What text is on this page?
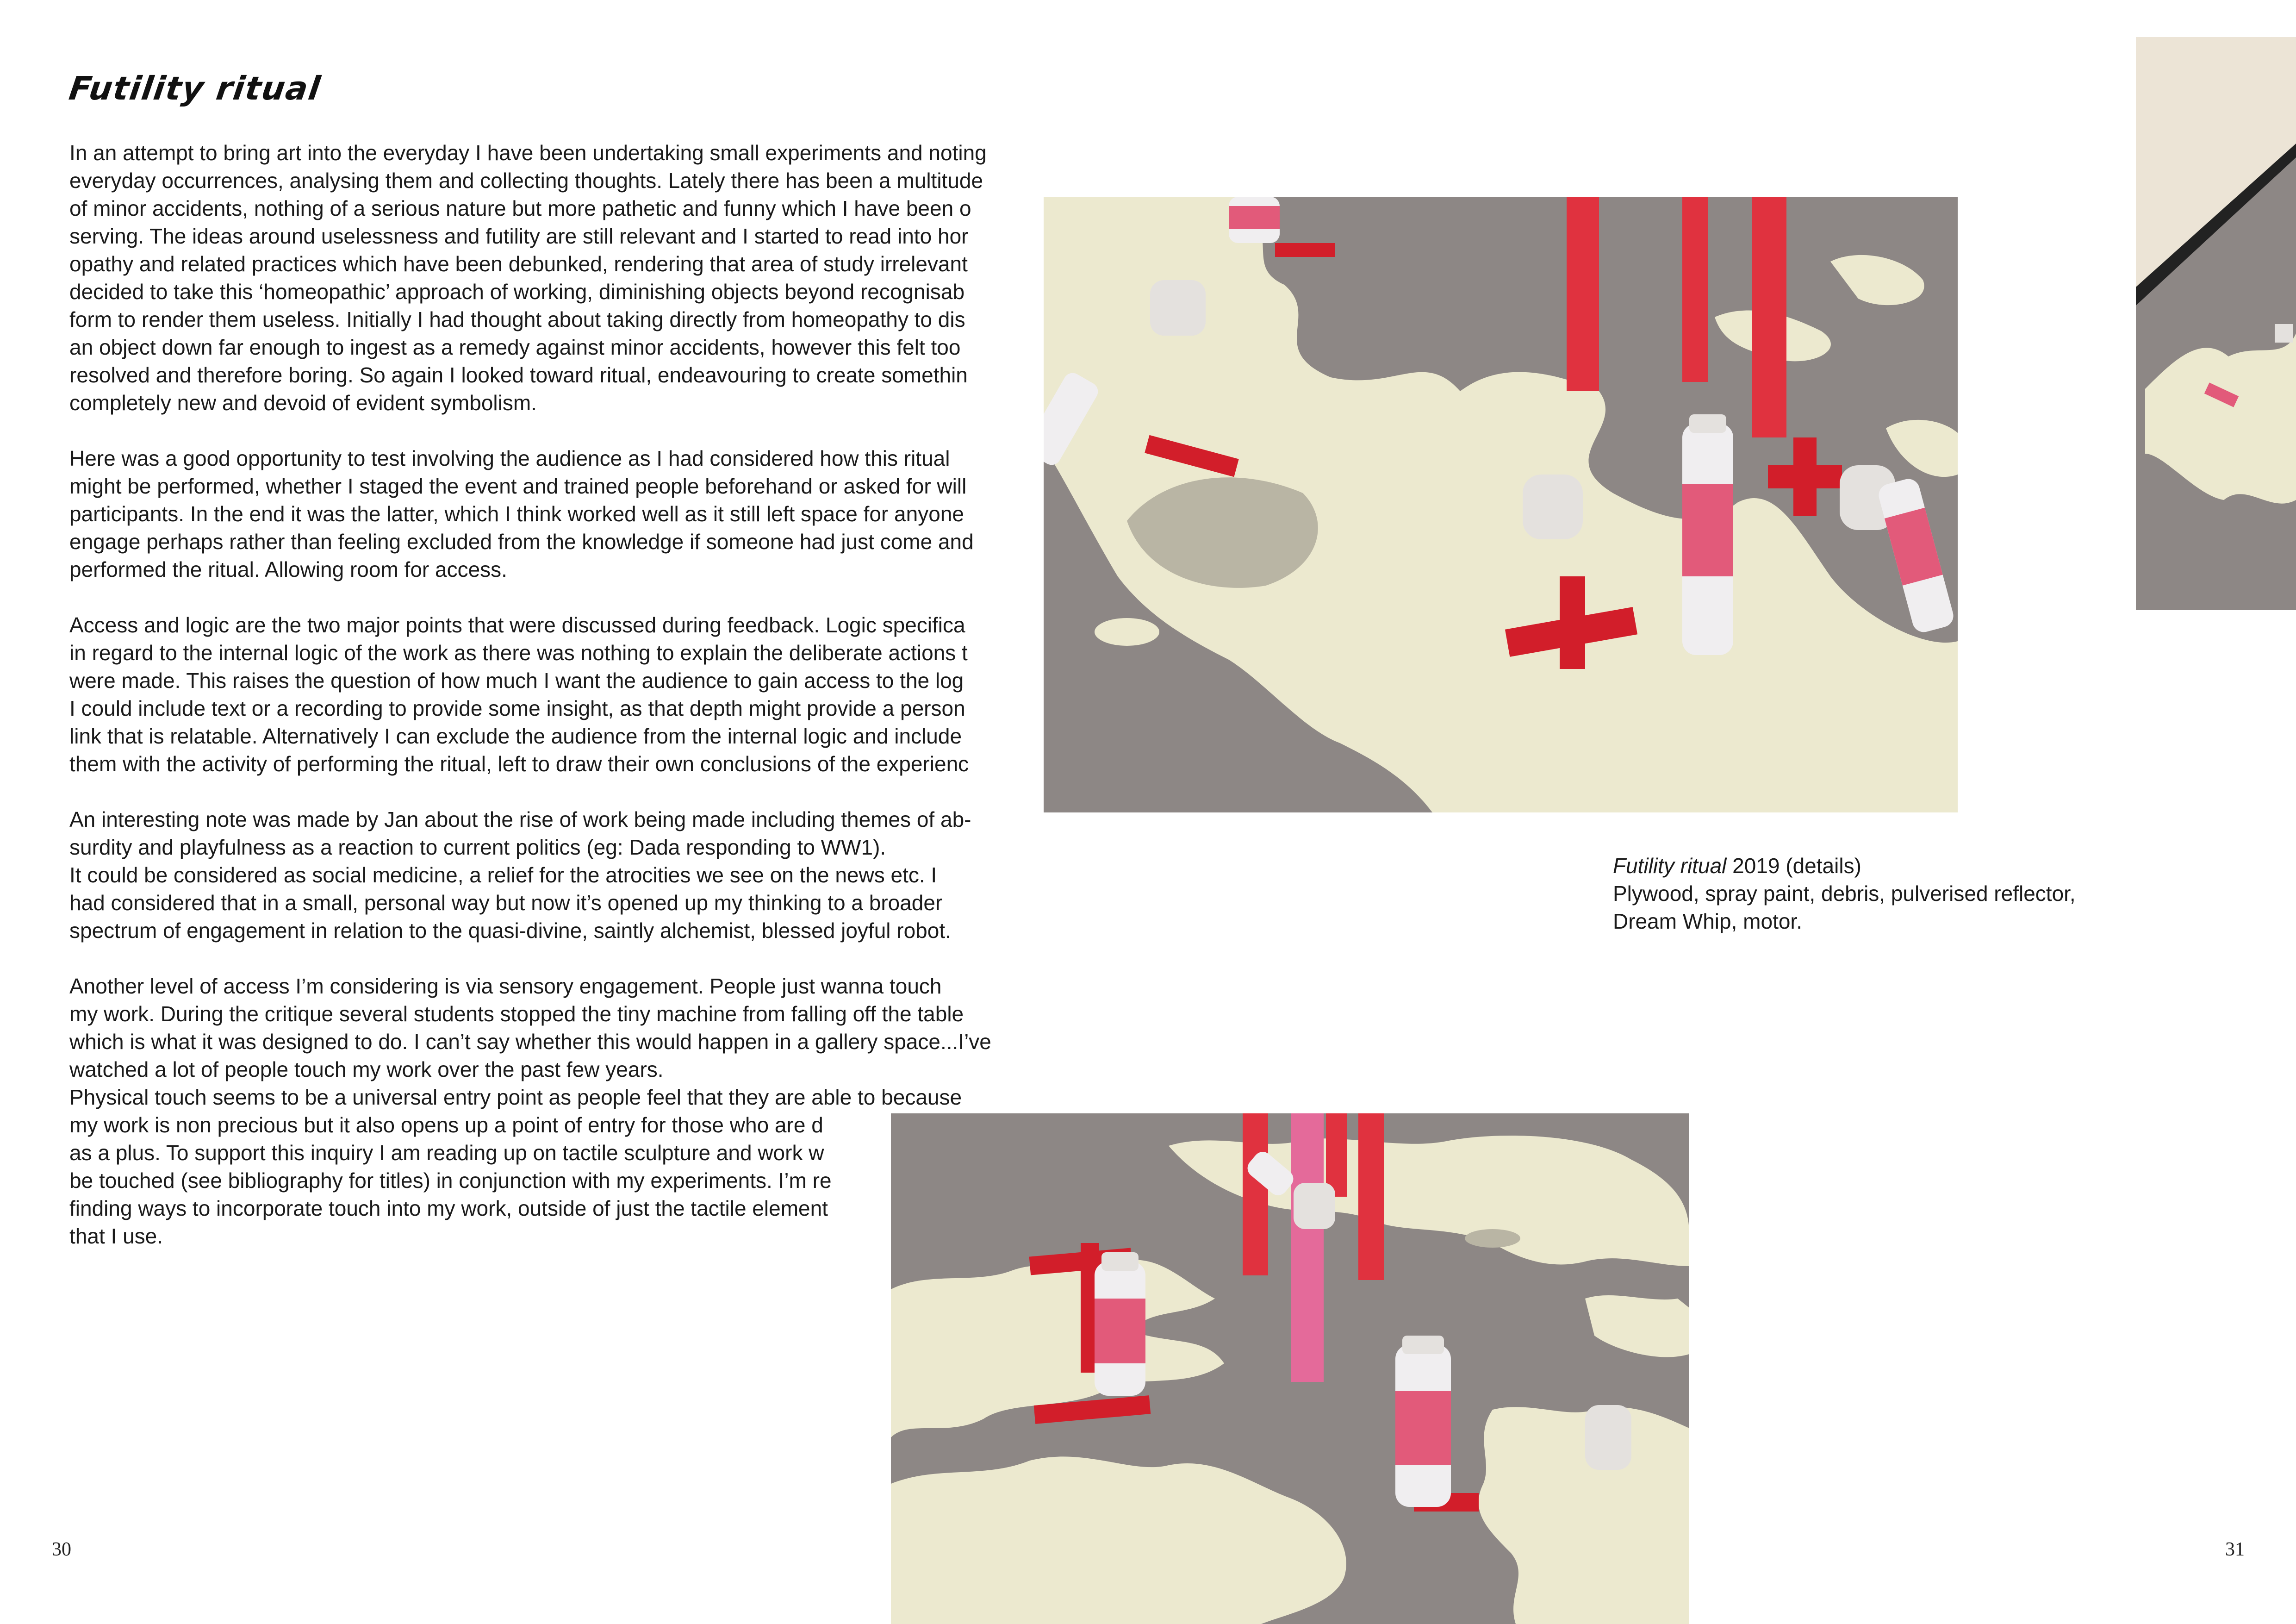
Futility ritual

In an attempt to bring art into the everyday I have been undertaking small experiments and noting
everyday occurrences, analysing them and collecting thoughts. Lately there has been a multitude
of minor accidents, nothing of a serious nature but more pathetic and funny which I have been o
serving. The ideas around uselessness and futility are still relevant and I started to read into hor
opathy and related practices which have been debunked, rendering that area of study irrelevant
decided to take this ‘homeopathic’ approach of working, diminishing objects beyond recognisab
form to render them useless. Initially I had thought about taking directly from homeopathy to dis
an object down far enough to ingest as a remedy against minor accidents, however this felt too
resolved and therefore boring. So again I looked toward ritual, endeavouring to create somethin
completely new and devoid of evident symbolism.

Here was a good opportunity to test involving the audience as I had considered how this ritual
might be performed, whether I staged the event and trained people beforehand or asked for will
participants. In the end it was the latter, which I think worked well as it still left space for anyone
engage perhaps rather than feeling excluded from the knowledge if someone had just come and
performed the ritual. Allowing room for access.

Access and logic are the two major points that were discussed during feedback. Logic specifica
in regard to the internal logic of the work as there was nothing to explain the deliberate actions t
were made. This raises the question of how much I want the audience to gain access to the log
I could include text or a recording to provide some insight, as that depth might provide a person
link that is relatable. Alternatively I can exclude the audience from the internal logic and include
them with the activity of performing the ritual, left to draw their own conclusions of the experienc

An interesting note was made by Jan about the rise of work being made including themes of ab-
surdity and playfulness as a reaction to current politics (eg: Dada responding to WW1).
It could be considered as social medicine, a relief for the atrocities we see on the news etc. I
had considered that in a small, personal way but now it’s opened up my thinking to a broader
spectrum of engagement in relation to the quasi-divine, saintly alchemist, blessed joyful robot.

Another level of access I’m considering is via sensory engagement. People just wanna touch
my work. During the critique several students stopped the tiny machine from falling off the table
which is what it was designed to do. I can’t say whether this would happen in a gallery space...I’ve
watched a lot of people touch my work over the past few years.
Physical touch seems to be a universal entry point as people feel that they are able to because
my work is non precious but it also opens up a point of entry for those who are d
as a plus. To support this inquiry I am reading up on tactile sculpture and work w
be touched (see bibliography for titles) in conjunction with my experiments. I’m re
finding ways to incorporate touch into my work, outside of just the tactile element
that I use.

Futility ritual 2019 (details)
Plywood, spray paint, debris, pulverised reflector,
Dream Whip, motor.
30	31
